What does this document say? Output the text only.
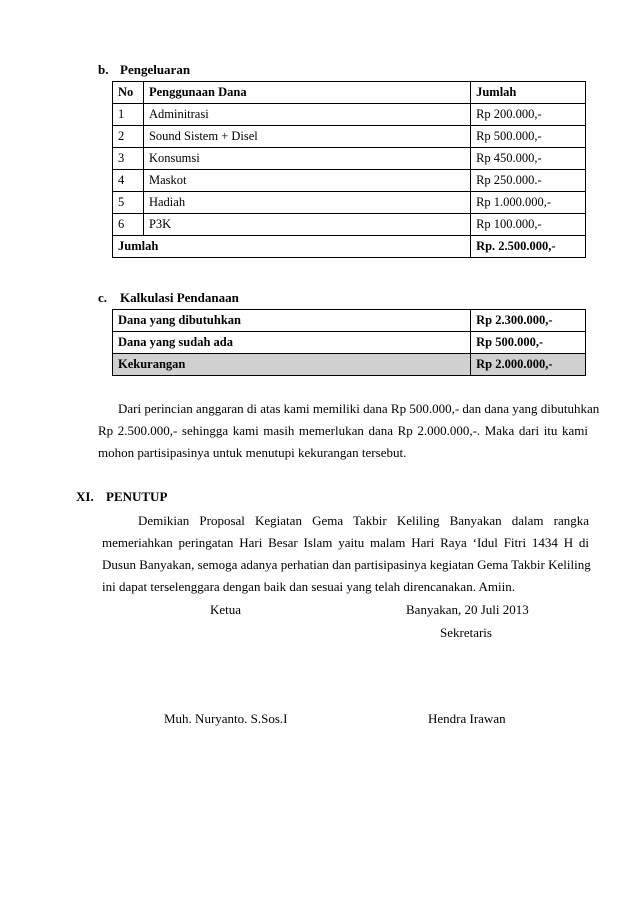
b. Pengeluaran
No	Penggunaan Dana	Jumlah
1	Adminitrasi	Rp 200.000,-
2	Sound Sistem + Disel	Rp 500.000,-
3	Konsumsi	Rp 450.000,-
4	Maskot	Rp 250.000.-
5	Hadiah	Rp 1.000.000,-
6	P3K	Rp 100.000,-
Jumlah		Rp. 2.500.000,-
c. Kalkulasi Pendanaan
Dana yang dibutuhkan	Rp 2.300.000,-
Dana yang sudah ada	Rp 500.000,-
Kekurangan	Rp 2.000.000,-
Dari perincian anggaran di atas kami memiliki dana Rp 500.000,- dan dana yang dibutuhkan
Rp 2.500.000,- sehingga kami masih memerlukan dana Rp 2.000.000,-. Maka dari itu kami
mohon partisipasinya untuk menutupi kekurangan tersebut.
XI. PENUTUP
Demikian Proposal Kegiatan Gema Takbir Keliling Banyakan dalam rangka
memeriahkan peringatan Hari Besar Islam yaitu malam Hari Raya ‘Idul Fitri 1434 H di
Dusun Banyakan, semoga adanya perhatian dan partisipasinya kegiatan Gema Takbir Keliling
ini dapat terselenggara dengan baik dan sesuai yang telah direncanakan. Amiin.
Ketua	Banyakan, 20 Juli 2013
Sekretaris
Muh. Nuryanto. S.Sos.I	Hendra Irawan
